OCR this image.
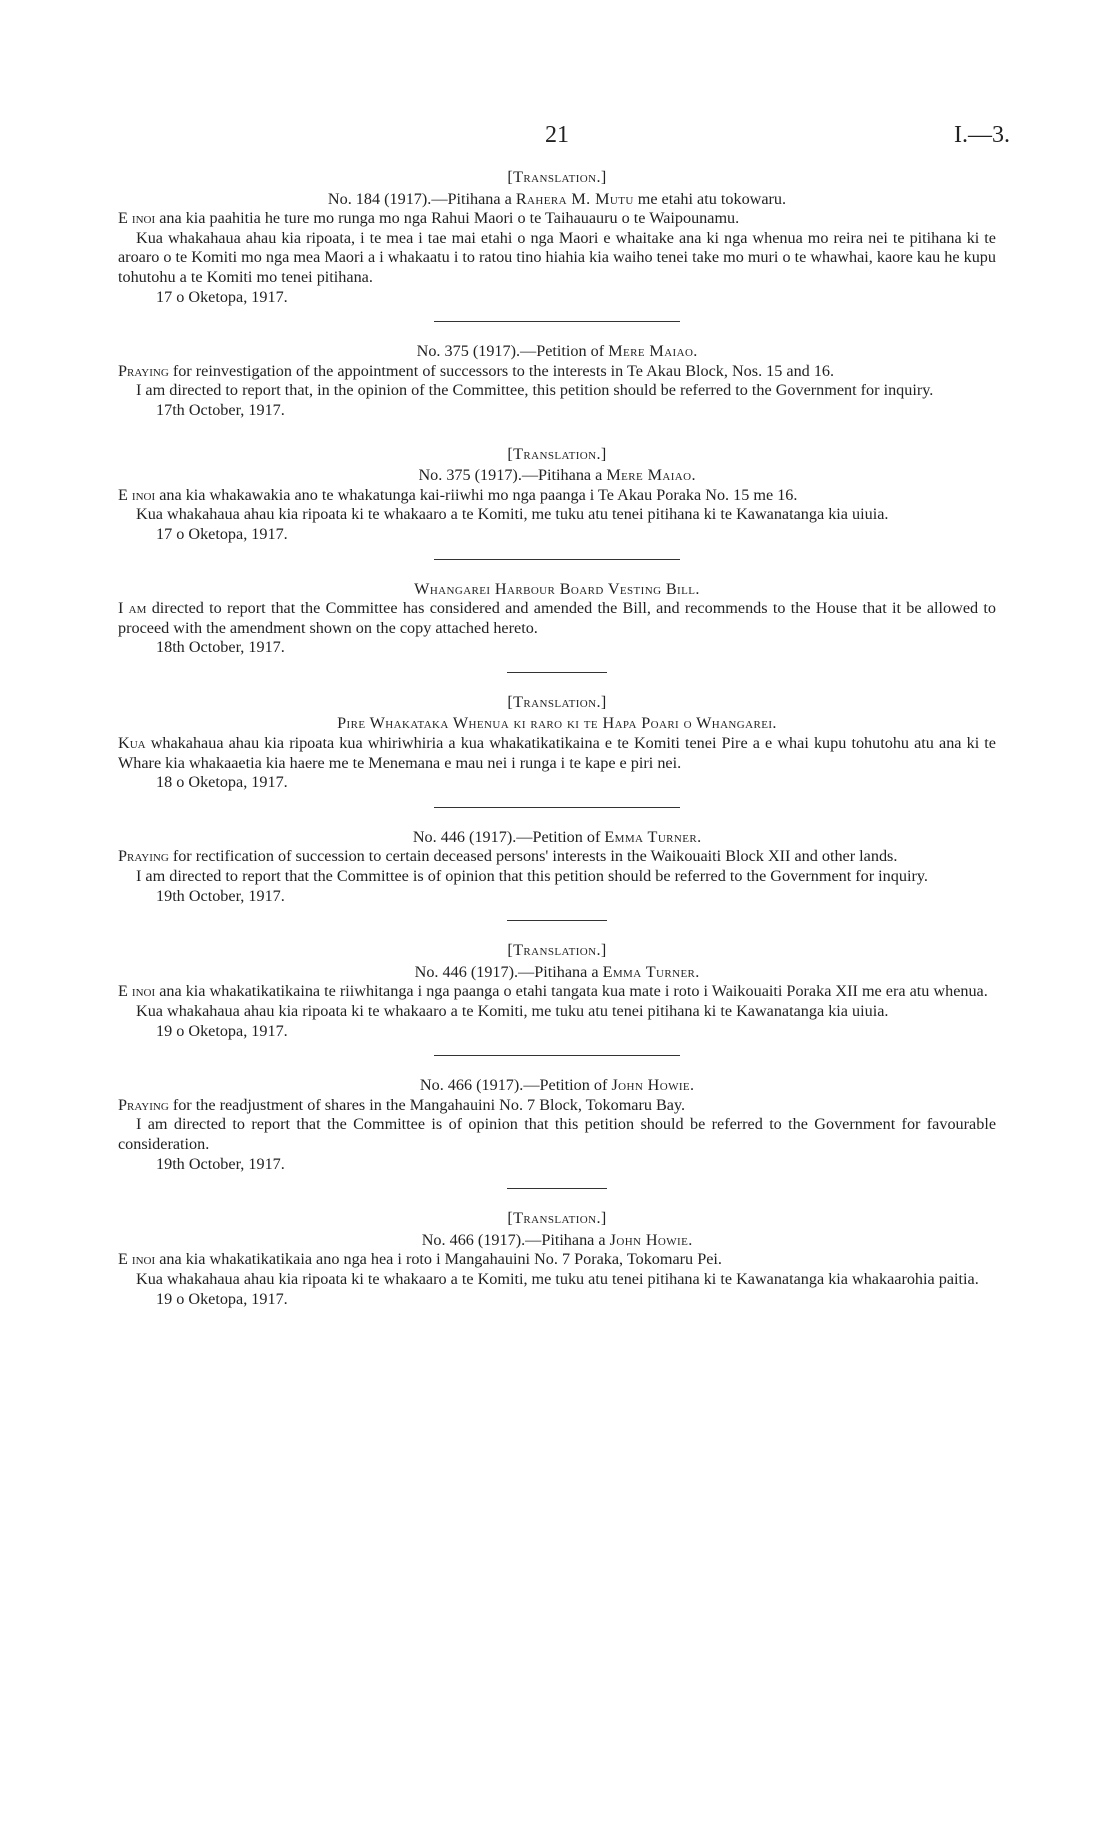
21	I.—3.
[Translation.]
No. 184 (1917).—Pitihana a Rahera M. Mutu me etahi atu tokowaru.

E inoi ana kia paahitia he ture mo runga mo nga Rahui Maori o te Taihauauru o te Waipounamu.

Kua whakahaua ahau kia ripoata, i te mea i tae mai etahi o nga Maori e whaitake ana ki nga whenua mo reira nei te pitihana ki te aroaro o te Komiti mo nga mea Maori a i whakaatu i to ratou tino hiahia kia waiho tenei take mo muri o te whawhai, kaore kau he kupu tohutohu a te Komiti mo tenei pitihana.

17 o Oketopa, 1917.
No. 375 (1917).—Petition of Mere Maiao.

Praying for reinvestigation of the appointment of successors to the interests in Te Akau Block, Nos. 15 and 16.

I am directed to report that, in the opinion of the Committee, this petition should be referred to the Government for inquiry.

17th October, 1917.
[Translation.]
No. 375 (1917).—Pitihana a Mere Maiao.

E inoi ana kia whakawakia ano te whakatunga kai-riiwhi mo nga paanga i Te Akau Poraka No. 15 me 16.

Kua whakahaua ahau kia ripoata ki te whakaaro a te Komiti, me tuku atu tenei pitihana ki te Kawanatanga kia uiuia.

17 o Oketopa, 1917.
Whangarei Harbour Board Vesting Bill.

I am directed to report that the Committee has considered and amended the Bill, and recommends to the House that it be allowed to proceed with the amendment shown on the copy attached hereto.

18th October, 1917.
[Translation.]
Pire Whakataka Whenua ki raro ki te Hapa Poari o Whangarei.

Kua whakahaua ahau kia ripoata kua whiriwhiria a kua whakatikatikaina e te Komiti tenei Pire a e whai kupu tohutohu atu ana ki te Whare kia whakaaetia kia haere me te Menemana e mau nei i runga i te kape e piri nei.

18 o Oketopa, 1917.
No. 446 (1917).—Petition of Emma Turner.

Praying for rectification of succession to certain deceased persons' interests in the Waikouaiti Block XII and other lands.

I am directed to report that the Committee is of opinion that this petition should be referred to the Government for inquiry.

19th October, 1917.
[Translation.]
No. 446 (1917).—Pitihana a Emma Turner.

E inoi ana kia whakatikatikaina te riiwhitanga i nga paanga o etahi tangata kua mate i roto i Waikouaiti Poraka XII me era atu whenua.

Kua whakahaua ahau kia ripoata ki te whakaaro a te Komiti, me tuku atu tenei pitihana ki te Kawanatanga kia uiuia.

19 o Oketopa, 1917.
No. 466 (1917).—Petition of John Howie.

Praying for the readjustment of shares in the Mangahauini No. 7 Block, Tokomaru Bay.

I am directed to report that the Committee is of opinion that this petition should be referred to the Government for favourable consideration.

19th October, 1917.
[Translation.]
No. 466 (1917).—Pitihana a John Howie.

E inoi ana kia whakatikatikaia ano nga hea i roto i Mangahauini No. 7 Poraka, Tokomaru Pei.

Kua whakahaua ahau kia ripoata ki te whakaaro a te Komiti, me tuku atu tenei pitihana ki te Kawanatanga kia whakaarohia paitia.

19 o Oketopa, 1917.
